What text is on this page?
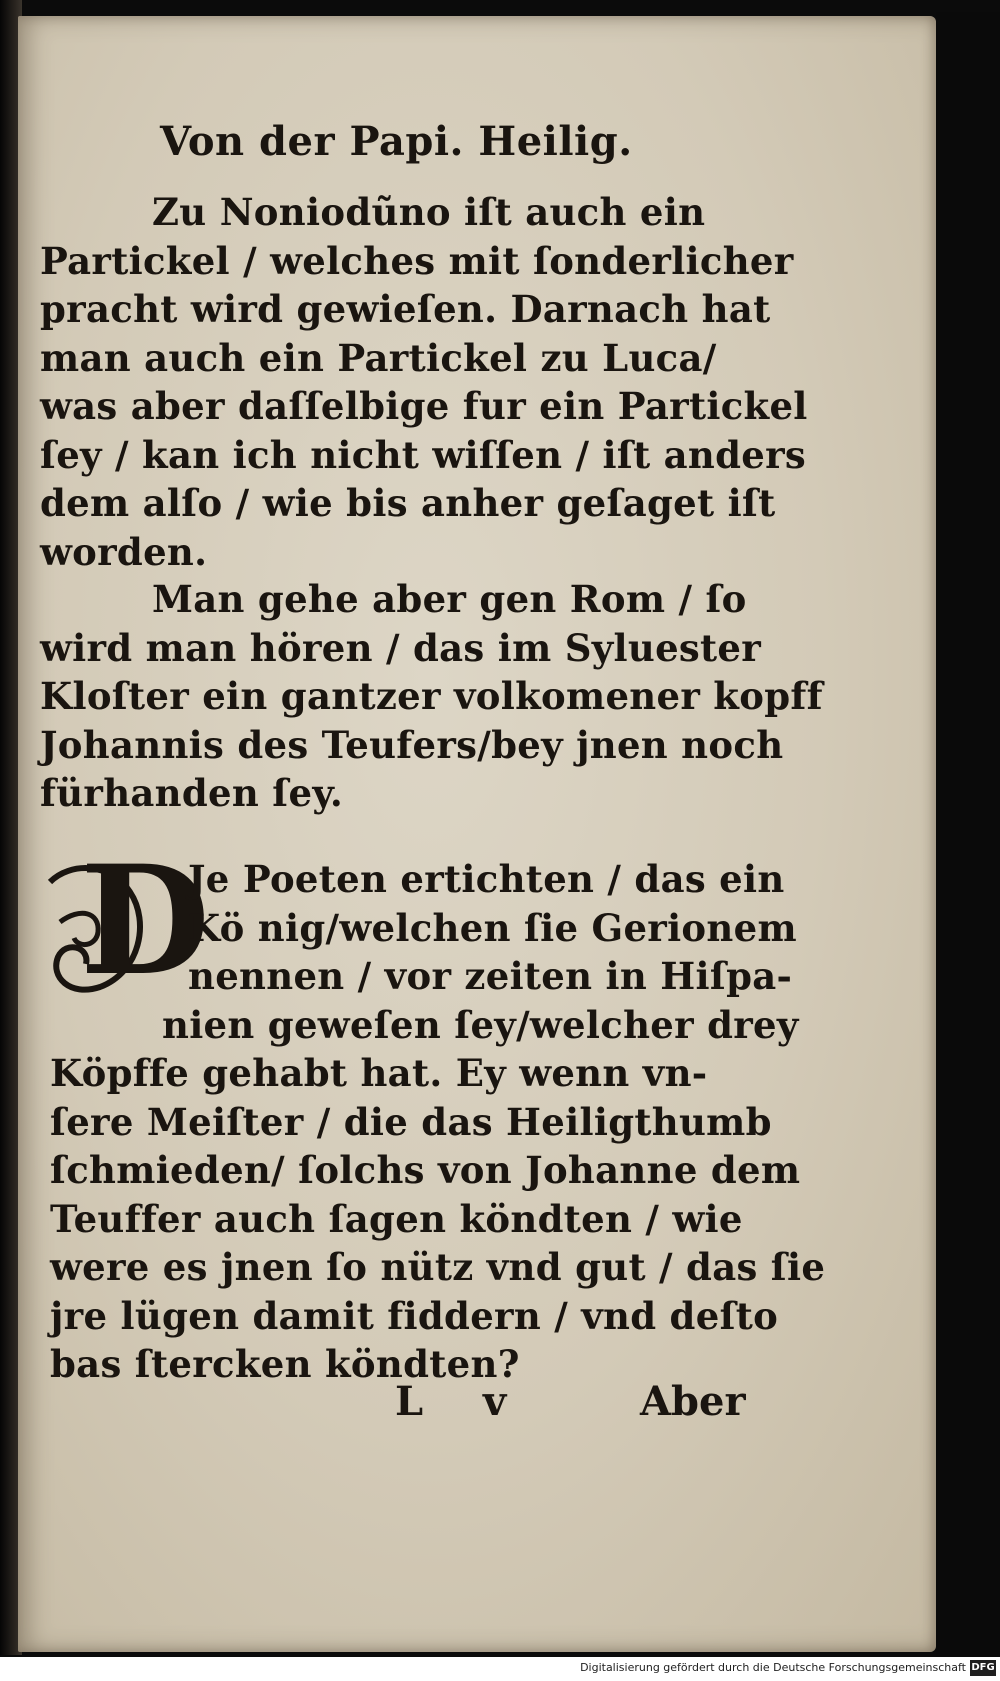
Von der Papi. Heilig.
Zu Noniodũno iſt auch ein
Partickel / welches mit ſonderlicher
pracht wird gewieſen. Darnach hat
man auch ein Partickel zu Luca/
was aber daſſelbige fur ein Partickel
ſey / kan ich nicht wiſſen / iſt anders
dem alſo / wie bis anher geſaget iſt
worden.
Man gehe aber gen Rom / ſo
wird man hören / das im Syluester
Kloſter ein gantzer volkomener kopff
Johannis des Teufers/bey jnen noch
fürhanden ſey.
D
Je Poeten ertichten / das ein
Kö nig/welchen ſie Gerionem
nennen / vor zeiten in Hiſpa-
nien geweſen ſey/welcher drey
Köpffe gehabt hat. Ey wenn vn-
ſere Meiſter / die das Heiligthumb
ſchmieden/ ſolchs von Johanne dem
Teuffer auch ſagen köndten / wie
were es jnen ſo nütz vnd gut / das ſie
jre lügen damit fiddern / vnd deſto
bas ſtercken köndten?
L v	Aber
Digitalisierung gefördert durch die Deutsche Forschungsgemeinschaft DFG
